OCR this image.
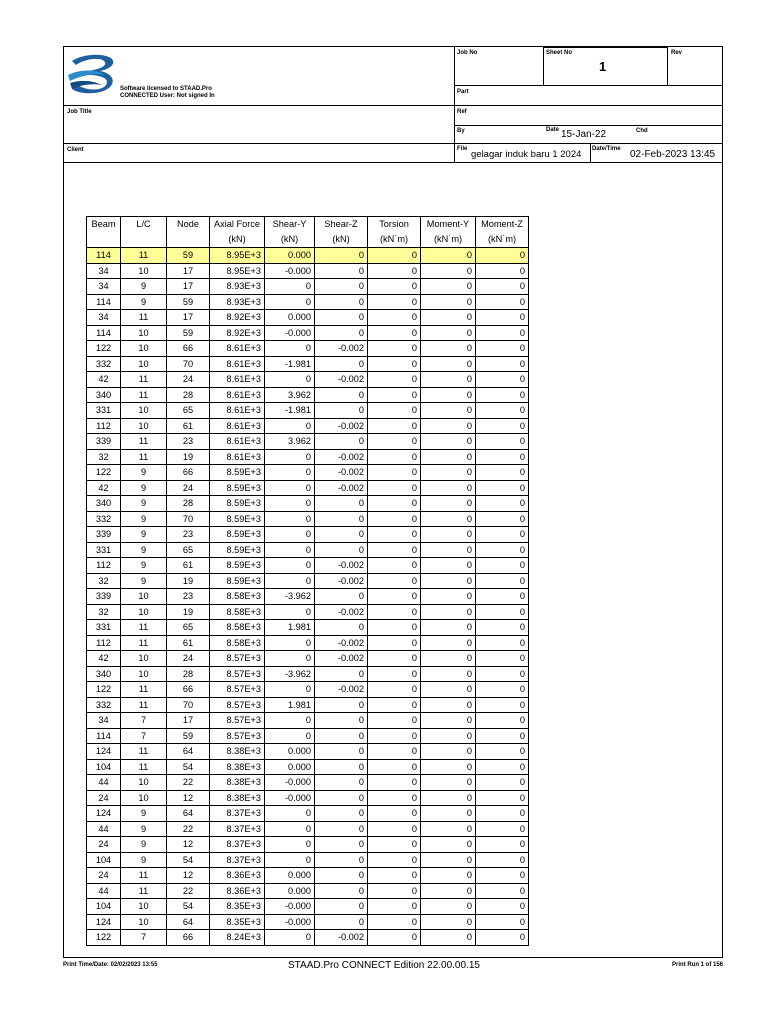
Software licensed to STAAD.Pro
CONNECTED User: Not signed In
Job No	Sheet No
1
Rev
Part
Ref
Job Title
By	Date 15-Jan-22	Chd
Client	File gelagar induk baru 1 2024	Date/Time 02-Feb-2023 13:45
Beam	L/C	Node	Axial Force	Shear-Y	Shear-Z	Torsion	Moment-Y	Moment-Z
			(kN)	(kN)	(kN)	(kN˙m)	(kN˙m)	(kN˙m)
114	11	59	8.95E+3	0.000	0	0	0	0
34	10	17	8.95E+3	-0.000	0	0	0	0
34	9	17	8.93E+3	0	0	0	0	0
114	9	59	8.93E+3	0	0	0	0	0
34	11	17	8.92E+3	0.000	0	0	0	0
114	10	59	8.92E+3	-0.000	0	0	0	0
122	10	66	8.61E+3	0	-0.002	0	0	0
332	10	70	8.61E+3	-1.981	0	0	0	0
42	11	24	8.61E+3	0	-0.002	0	0	0
340	11	28	8.61E+3	3.962	0	0	0	0
331	10	65	8.61E+3	-1.981	0	0	0	0
112	10	61	8.61E+3	0	-0.002	0	0	0
339	11	23	8.61E+3	3.962	0	0	0	0
32	11	19	8.61E+3	0	-0.002	0	0	0
122	9	66	8.59E+3	0	-0.002	0	0	0
42	9	24	8.59E+3	0	-0.002	0	0	0
340	9	28	8.59E+3	0	0	0	0	0
332	9	70	8.59E+3	0	0	0	0	0
339	9	23	8.59E+3	0	0	0	0	0
331	9	65	8.59E+3	0	0	0	0	0
112	9	61	8.59E+3	0	-0.002	0	0	0
32	9	19	8.59E+3	0	-0.002	0	0	0
339	10	23	8.58E+3	-3.962	0	0	0	0
32	10	19	8.58E+3	0	-0.002	0	0	0
331	11	65	8.58E+3	1.981	0	0	0	0
112	11	61	8.58E+3	0	-0.002	0	0	0
42	10	24	8.57E+3	0	-0.002	0	0	0
340	10	28	8.57E+3	-3.962	0	0	0	0
122	11	66	8.57E+3	0	-0.002	0	0	0
332	11	70	8.57E+3	1.981	0	0	0	0
34	7	17	8.57E+3	0	0	0	0	0
114	7	59	8.57E+3	0	0	0	0	0
124	11	64	8.38E+3	0.000	0	0	0	0
104	11	54	8.38E+3	0.000	0	0	0	0
44	10	22	8.38E+3	-0.000	0	0	0	0
24	10	12	8.38E+3	-0.000	0	0	0	0
124	9	64	8.37E+3	0	0	0	0	0
44	9	22	8.37E+3	0	0	0	0	0
24	9	12	8.37E+3	0	0	0	0	0
104	9	54	8.37E+3	0	0	0	0	0
24	11	12	8.36E+3	0.000	0	0	0	0
44	11	22	8.36E+3	0.000	0	0	0	0
104	10	54	8.35E+3	-0.000	0	0	0	0
124	10	64	8.35E+3	-0.000	0	0	0	0
122	7	66	8.24E+3	0	-0.002	0	0	0
Print Time/Date: 02/02/2023 13:55	STAAD.Pro CONNECT Edition 22.00.00.15	Print Run 1 of 156
